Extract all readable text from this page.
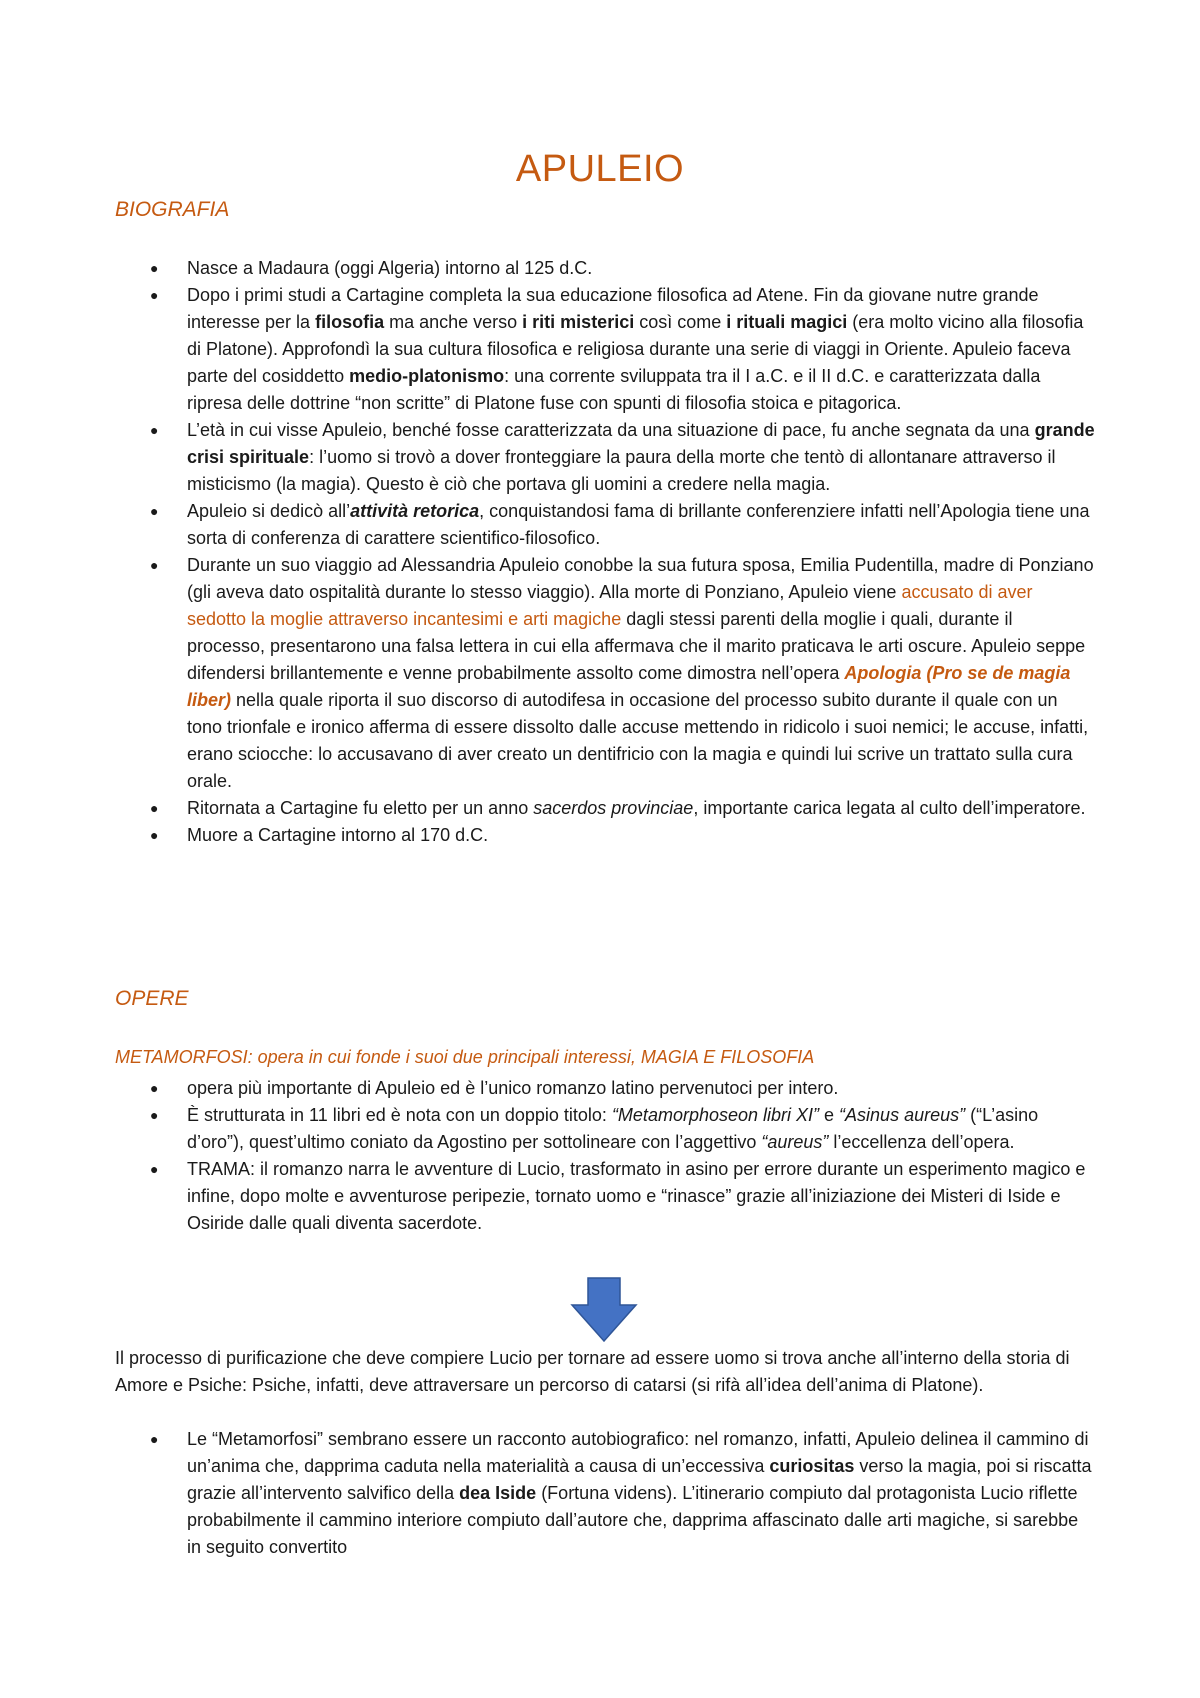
APULEIO
BIOGRAFIA
● Nasce a Madaura (oggi Algeria) intorno al 125 d.C.
● Dopo i primi studi a Cartagine completa la sua educazione filosofica ad Atene. Fin da giovane nutre grande interesse per la filosofia ma anche verso i riti misterici così come i rituali magici (era molto vicino alla filosofia di Platone). Approfondì la sua cultura filosofica e religiosa durante una serie di viaggi in Oriente. Apuleio faceva parte del cosiddetto medio-platonismo: una corrente sviluppata tra il I a.C. e il II d.C. e caratterizzata dalla ripresa delle dottrine “non scritte” di Platone fuse con spunti di filosofia stoica e pitagorica.
● L’età in cui visse Apuleio, benché fosse caratterizzata da una situazione di pace, fu anche segnata da una grande crisi spirituale: l’uomo si trovò a dover fronteggiare la paura della morte che tentò di allontanare attraverso il misticismo (la magia). Questo è ciò che portava gli uomini a credere nella magia.
● Apuleio si dedicò all’attività retorica, conquistandosi fama di brillante conferenziere infatti nell’Apologia tiene una sorta di conferenza di carattere scientifico-filosofico.
● Durante un suo viaggio ad Alessandria Apuleio conobbe la sua futura sposa, Emilia Pudentilla, madre di Ponziano (gli aveva dato ospitalità durante lo stesso viaggio). Alla morte di Ponziano, Apuleio viene accusato di aver sedotto la moglie attraverso incantesimi e arti magiche dagli stessi parenti della moglie i quali, durante il processo, presentarono una falsa lettera in cui ella affermava che il marito praticava le arti oscure. Apuleio seppe difendersi brillantemente e venne probabilmente assolto come dimostra nell’opera Apologia (Pro se de magia liber) nella quale riporta il suo discorso di autodifesa in occasione del processo subito durante il quale con un tono trionfale e ironico afferma di essere dissolto dalle accuse mettendo in ridicolo i suoi nemici; le accuse, infatti, erano sciocche: lo accusavano di aver creato un dentifricio con la magia e quindi lui scrive un trattato sulla cura orale.
● Ritornata a Cartagine fu eletto per un anno sacerdos provinciae, importante carica legata al culto dell’imperatore.
● Muore a Cartagine intorno al 170 d.C.
OPERE

METAMORFOSI: opera in cui fonde i suoi due principali interessi, MAGIA E FILOSOFIA

● opera più importante di Apuleio ed è l’unico romanzo latino pervenutoci per intero.
● È strutturata in 11 libri ed è nota con un doppio titolo: “Metamorphoseon libri XI” e “Asinus aureus” (“L’asino d’oro”), quest’ultimo coniato da Agostino per sottolineare con l’aggettivo “aureus” l’eccellenza dell’opera.
● TRAMA: il romanzo narra le avventure di Lucio, trasformato in asino per errore durante un esperimento magico e infine, dopo molte e avventurose peripezie, tornato uomo e “rinasce” grazie all’iniziazione dei Misteri di Iside e Osiride dalle quali diventa sacerdote.

Il processo di purificazione che deve compiere Lucio per tornare ad essere uomo si trova anche all’interno della storia di Amore e Psiche: Psiche, infatti, deve attraversare un percorso di catarsi (si rifà all’idea dell’anima di Platone).

● Le “Metamorfosi” sembrano essere un racconto autobiografico: nel romanzo, infatti, Apuleio delinea il cammino di un’anima che, dapprima caduta nella materialità a causa di un’eccessiva curiositas verso la magia, poi si riscatta grazie all’intervento salvifico della dea Iside (Fortuna videns). L’itinerario compiuto dal protagonista Lucio riflette probabilmente il cammino interiore compiuto dall’autore che, dapprima affascinato dalle arti magiche, si sarebbe in seguito convertito
